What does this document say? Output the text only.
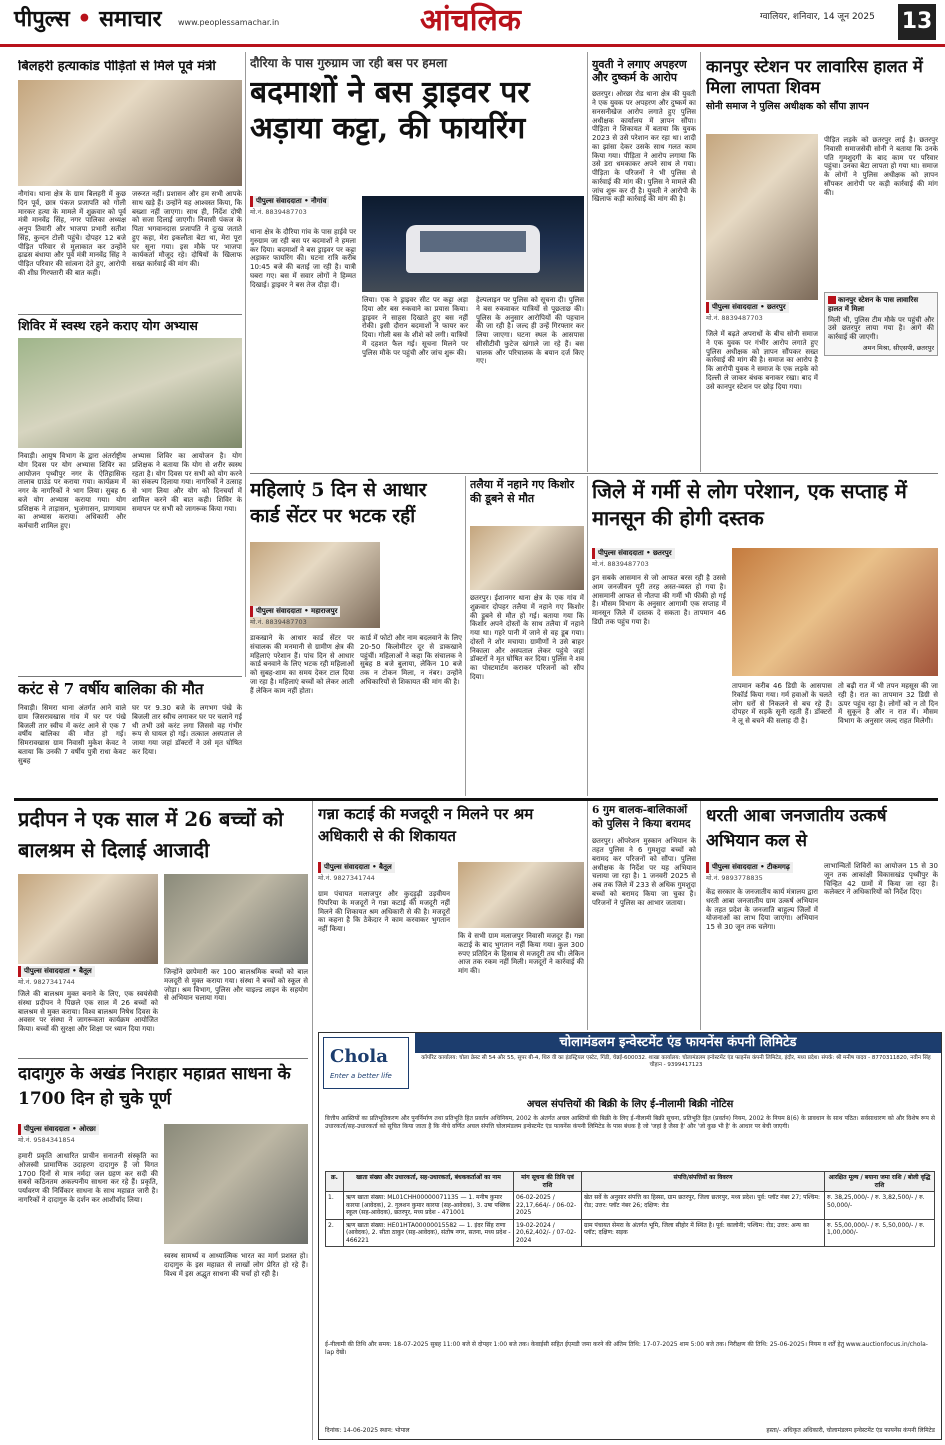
पीपुल्स • समाचार www.peoplessamachar.in	आंचलिक	ग्वालियर, शनिवार, 14 जून 2025 13
बिलहरी हत्याकांड पीड़ितों से मिले पूर्व मंत्री
नौगांव। थाना क्षेत्र के ग्राम बिलहरी में कुछ दिन पूर्व, छात्र पंकज प्रजापति को गोली मारकर हत्या के मामले में शुक्रवार को पूर्व मंत्री मानवेंद्र सिंह, नगर पालिका अध्यक्ष अनूप तिवारी और भाजपा प्रभारी सतीश सिंह, कुन्दन टोली पहुंचे। दोपहर 12 बजे पीड़ित परिवार से मुलाकात कर उन्होंने ढ़ाढस बंधाया और पूर्व मंत्री मानवेंद्र सिंह ने पीड़ित परिवार की सांत्वना देते हुए, आरोपी की शीघ्र गिरफ्तारी की बात कही।
जरूरत नहीं। प्रशासन और हम सभी आपके साथ खड़े हैं। उन्होंने यह आश्वस्त किया, कि बख्शा नहीं जाएगा। साथ ही, निर्देश दोषी को सजा दिलाई जाएगी। निवासी पंकज के पिता भगवानदास प्रजापति ने दुःख जताते हुए कहा, मेरा इकलौता बेटा था, मेरा पूरा घर सूना गया। इस मौके पर भाजपा कार्यकर्ता मौजूद रहे। दोषियों के खिलाफ सख्त कार्रवाई की मांग की।
शिविर में स्वस्थ रहने कराए योग अभ्यास
निवाड़ी। आयुष विभाग के द्वारा अंतर्राष्ट्रीय योग दिवस पर योग अभ्यास शिविर का आयोजन पृथ्वीपुर नगर के ऐतिहासिक तालाब ग्राउंड पर कराया गया। कार्यक्रम में नगर के नागरिकों ने भाग लिया। सुबह 6 बजे योग अभ्यास कराया गया। योग प्रशिक्षक ने ताड़ासन, भुजंगासन, प्राणायाम का अभ्यास कराया। अधिकारी और कर्मचारी शामिल हुए।
अभ्यास शिविर का आयोजन है। योग प्रशिक्षक ने बताया कि योग से शरीर स्वस्थ रहता है। योग दिवस पर सभी को योग करने का संकल्प दिलाया गया। नागरिकों ने उत्साह से भाग लिया और योग को दिनचर्या में शामिल करने की बात कही। शिविर के समापन पर सभी को जागरूक किया गया।
करंट से 7 वर्षीय बालिका की मौत
निवाड़ी। सिमरा थाना अंतर्गत आने वाले ग्राम जिसरावखास गांव में घर पर पंखे बिजली तार स्वीच में करंट आने से एक 7 वर्षीय बालिका की मौत हो गई। सिमरावखास ग्राम निवासी मुकेश केवट ने बताया कि उनकी 7 वर्षीय पुत्री राधा केवट सुबह
घर पर 9.30 बजे के लगभग पंखे के बिजली तार स्वीच लगाकर घर पर चलाने गई थी तभी उसे करंट लगा जिससे वह गंभीर रूप से घायल हो गई। तत्काल अस्पताल ले जाया गया जहां डॉक्टरों ने उसे मृत घोषित कर दिया।
दौरिया के पास गुरुग्राम जा रही बस पर हमला
बदमाशों ने बस ड्राइवर पर अड़ाया कट्टा, की फायरिंग
पीपुल्स संवाददाता • नौगांव
मो.नं. 8839487703
थाना क्षेत्र के दौरिया गांव के पास हाईवे पर गुरुग्राम जा रही बस पर बदमाशों ने हमला कर दिया। बदमाशों ने बस ड्राइवर पर कट्टा अड़ाकर फायरिंग की। घटना रात्रि करीब 10:45 बजे की बताई जा रही है। यात्री घबरा गए। बस में सवार लोगों ने हिम्मत दिखाई। ड्राइवर ने बस तेज दौड़ा दी।
लिया। एक ने ड्राइवर सीट पर कट्टा अड़ा दिया और बस रुकवाने का प्रयास किया। ड्राइवर ने साहस दिखाते हुए बस नहीं रोकी। इसी दौरान बदमाशों ने फायर कर दिया। गोली बस के शीशे को लगी। यात्रियों में दहशत फैल गई। सूचना मिलने पर पुलिस मौके पर पहुंची और जांच शुरू की।
हेल्पलाइन पर पुलिस को सूचना दी। पुलिस ने बस रुकवाकर यात्रियों से पूछताछ की। पुलिस के अनुसार आरोपियों की पहचान की जा रही है। जल्द ही उन्हें गिरफ्तार कर लिया जाएगा। घटना स्थल के आसपास सीसीटीवी फुटेज खंगाले जा रहे हैं। बस चालक और परिचालक के बयान दर्ज किए गए।
युवती ने लगाए अपहरण और दुष्कर्म के आरोप
छतरपुर। ओरछा रोड थाना क्षेत्र की युवती ने एक युवक पर अपहरण और दुष्कर्म का सनसनीखेज आरोप लगाते हुए पुलिस अधीक्षक कार्यालय में ज्ञापन सौंपा। पीड़िता ने शिकायत में बताया कि युवक 2023 से उसे परेशान कर रहा था। शादी का झांसा देकर उसके साथ गलत काम किया गया। पीड़िता ने आरोप लगाया कि उसे डरा धमकाकर अपने साथ ले गया। पीड़िता के परिजनों ने भी पुलिस से कार्रवाई की मांग की। पुलिस ने मामले की जांच शुरू कर दी है। युवती ने आरोपी के खिलाफ कड़ी कार्रवाई की मांग की है।
कानपुर स्टेशन पर लावारिस हालत में मिला लापता शिवम
सोनी समाज ने पुलिस अधीक्षक को सौंपा ज्ञापन
पीपुल्स संवाददाता • छतरपुर
मो.नं. 8839487703
जिले में बढ़ते अपराधों के बीच सोनी समाज ने एक युवक पर गंभीर आरोप लगाते हुए पुलिस अधीक्षक को ज्ञापन सौंपकर सख्त कार्रवाई की मांग की है। समाज का आरोप है कि आरोपी युवक ने समाज के एक लड़के को दिल्ली ले जाकर बंधक बनाकर रखा। बाद में उसे कानपुर स्टेशन पर छोड़ दिया गया।
पीड़ित लड़के को छतरपुर लाई है। छतरपुर निवासी समाजसेवी सोनी ने बताया कि उनके पति गुमशुदगी के बाद काम पर परिवार पहुंचा। उनका बेटा लापता हो गया था। समाज के लोगों ने पुलिस अधीक्षक को ज्ञापन सौंपकर आरोपी पर कड़ी कार्रवाई की मांग की।
कानपुर स्टेशन के पास लावारिस हालत में मिला
मिली थी, पुलिस टीम मौके पर पहुंची और उसे छतरपुर लाया गया है। आगे की कार्रवाई की जाएगी।
अमन मिश्रा, सीएसपी, छतरपुर
महिलाएं 5 दिन से आधार कार्ड सेंटर पर भटक रहीं
पीपुल्स संवाददाता • महाराजपुर
मो.नं. 8839487703
डाकखाने के आधार कार्ड सेंटर पर संचालक की मनमानी से ग्रामीण क्षेत्र की महिलाएं परेशान हैं। पांच दिन से आधार कार्ड बनवाने के लिए भटक रही महिलाओं को सुबह-शाम का समय देकर टाल दिया जा रहा है। महिलाएं बच्चों को लेकर आती हैं लेकिन काम नहीं होता।
कार्ड में फोटो और नाम बदलवाने के लिए 20-50 किलोमीटर दूर से डाकखाने पहुंचीं। महिलाओं ने कहा कि संचालक ने सुबह 8 बजे बुलाया, लेकिन 10 बजे तक न टोकन मिला, न नंबर। उन्होंने अधिकारियों से शिकायत की मांग की है।
तलैया में नहाने गए किशोर की डूबने से मौत
छतरपुर। ईशानगर थाना क्षेत्र के एक गांव में शुक्रवार दोपहर तलैया में नहाने गए किशोर की डूबने से मौत हो गई। बताया गया कि किशोर अपने दोस्तों के साथ तलैया में नहाने गया था। गहरे पानी में जाने से वह डूब गया। दोस्तों ने शोर मचाया। ग्रामीणों ने उसे बाहर निकाला और अस्पताल लेकर पहुंचे जहां डॉक्टरों ने मृत घोषित कर दिया। पुलिस ने शव का पोस्टमार्टम कराकर परिजनों को सौंप दिया।
जिले में गर्मी से लोग परेशान, एक सप्ताह में मानसून की होगी दस्तक
पीपुल्स संवाददाता • छतरपुर
मो.नं. 8839487703
इन सबके आसमान से जो आफत बरस रही है उससे आम जनजीवन पूरी तरह अस्त-व्यस्त हो गया है। आसमानी आफत से नौतपा की गर्मी भी फीकी हो गई है। मौसम विभाग के अनुसार आगामी एक सप्ताह में मानसून जिले में दस्तक दे सकता है। तापमान 46 डिग्री तक पहुंच गया है।
तापमान करीब 46 डिग्री के आसपास रिकॉर्ड किया गया। गर्म हवाओं के चलते लोग घरों से निकलने से बच रहे हैं। दोपहर में सड़कें सूनी रहती हैं। डॉक्टरों ने लू से बचने की सलाह दी है।
तो बढ़ी रात में भी तपन महसूस की जा रही है। रात का तापमान 32 डिग्री से ऊपर पहुंच रहा है। लोगों को न तो दिन में सुकून है और न रात में। मौसम विभाग के अनुसार जल्द राहत मिलेगी।
प्रदीपन ने एक साल में 26 बच्चों को बालश्रम से दिलाई आजादी
पीपुल्स संवाददाता • बैतूल
मो.नं. 9827341744
जिले की बालश्रम मुक्त बनाने के लिए, एक स्वयंसेवी संस्था प्रदीपन ने पिछले एक साल में 26 बच्चों को बालश्रम से मुक्त कराया। विश्व बालश्रम निषेध दिवस के अवसर पर संस्था ने जागरूकता कार्यक्रम आयोजित किया। बच्चों की सुरक्षा और शिक्षा पर ध्यान दिया गया।
जिन्होंने छापेमारी कर 100 बालश्रमिक बच्चों को बाल मजदूरी से मुक्त कराया गया। संस्था ने बच्चों को स्कूल से जोड़ा। श्रम विभाग, पुलिस और चाइल्ड लाइन के सहयोग से अभियान चलाया गया।
गन्ना कटाई की मजदूरी न मिलने पर श्रम अधिकारी से की शिकायत
पीपुल्स संवाददाता • बैतूल
मो.नं. 9827341744
ग्राम पंचायत मलाजपुर और कुदड़ुढ़ी उड़वीयन पिपरिया के मजदूरों ने गन्ना कटाई की मजदूरी नहीं मिलने की शिकायत श्रम अधिकारी से की है। मजदूरों का कहना है कि ठेकेदार ने काम करवाकर भुगतान नहीं किया।
कि वे सभी ग्राम मलाजपुर निवासी मजदूर हैं। गन्ना कटाई के बाद भुगतान नहीं किया गया। कुल 300 रुपए प्रतिदिन के हिसाब से मजदूरी तय थी। लेकिन आज तक रकम नहीं मिली। मजदूरों ने कार्रवाई की मांग की।
6 गुम बालक-बालिकाओं को पुलिस ने किया बरामद
छतरपुर। ऑपरेशन मुस्कान अभियान के तहत पुलिस ने 6 गुमशुदा बच्चों को बरामद कर परिजनों को सौंपा। पुलिस अधीक्षक के निर्देश पर यह अभियान चलाया जा रहा है। 1 जनवरी 2025 से अब तक जिले में 233 से अधिक गुमशुदा बच्चों को बरामद किया जा चुका है। परिजनों ने पुलिस का आभार जताया।
धरती आबा जनजातीय उत्कर्ष अभियान कल से
पीपुल्स संवाददाता • टीकमगढ़
मो.नं. 9893778835
केंद्र सरकार के जनजातीय कार्य मंत्रालय द्वारा धरती आबा जनजातीय ग्राम उत्कर्ष अभियान के तहत प्रदेश के जनजाति बाहुल्य जिलों में योजनाओं का लाभ दिया जाएगा। अभियान 15 से 30 जून तक चलेगा।
लाभान्वितों शिविरों का आयोजन 15 से 30 जून तक आकांक्षी विकासखंड पृथ्वीपुर के चिन्हित 42 ग्रामों में किया जा रहा है। कलेक्टर ने अधिकारियों को निर्देश दिए।
दादागुरु के अखंड निराहार महाव्रत साधना के 1700 दिन हो चुके पूर्ण
पीपुल्स संवाददाता • ओरछा
मो.नं. 9584341854
हमारी प्रकृति आधारित प्राचीन सनातनी संस्कृति का ओजस्वी प्रामाणिक उदाहरण दादागुरु हैं जो विगत 1700 दिनों से मात्र नर्मदा जल ग्रहण कर सदी की सबसे कठिनतम अकल्पनीय साधना कर रहे हैं। प्रकृति, पर्यावरण की निर्विकार साधना के साथ महाव्रत जारी है। नागरिकों ने दादागुरु के दर्शन कर आशीर्वाद लिया।
स्वस्थ सामर्थ्य व आध्यात्मिक भारत का मार्ग प्रशस्त हो। दादागुरु के इस महाव्रत से लाखों लोग प्रेरित हो रहे हैं। विश्व में इस अद्भुत साधना की चर्चा हो रही है।
Chola
Enter a better life
चोलामंडलम इन्वेस्टमेंट एंड फायनेंस कंपनी लिमिटेड
कॉर्पोरेट कार्यालय: चोला क्रेस्ट सी 54 और 55, सुपर बी-4, थिरु वी का इंडस्ट्रियल एस्टेट, गिंडी, चेन्नई-600032. शाखा कार्यालय: चोलामंडलम इन्वेस्टमेंट एंड फाइनेंस कंपनी लिमिटेड, इंदौर, मध्य प्रदेश। संपर्क: श्री मनीष यादव - 8770311820, नवीन सिंह चौहान - 9399417123
अचल संपत्तियों की बिक्री के लिए ई-नीलामी बिक्री नोटिस
वित्तीय आस्तियों का प्रतिभूतिकरण और पुनर्निर्माण तथा प्रतिभूति हित प्रवर्तन अधिनियम, 2002 के अंतर्गत अचल आस्तियों की बिक्री के लिए ई-नीलामी बिक्री सूचना, प्रतिभूति हित (प्रवर्तन) नियम, 2002 के नियम 8(6) के प्रावधान के साथ पठित। सर्वसाधारण को और विशेष रूप से उधारकर्ता/सह-उधारकर्ता को सूचित किया जाता है कि नीचे वर्णित अचल संपत्ति चोलामंडलम इन्वेस्टमेंट एंड फायनेंस कंपनी लिमिटेड के पास बंधक है जो 'जहां है जैसा है' और 'जो कुछ भी है' के आधार पर बेची जाएगी।
क्र.	खाता संख्या और उधारकर्ता, सह-उधारकर्ता, बंधककर्ताओं का नाम	मांग सूचना की तिथि एवं राशि	संपत्ति/संपत्तियों का विवरण	आरक्षित मूल्य / बयाना जमा राशि / बोली वृद्धि राशि
1.	ऋण खाता संख्या: ML01CHH00000071135 — 1. मनीष कुमार कारया (आवेदक), 2. गुलशन कुमार कारया (सह-आवेदक), 3. उषा पब्लिक स्कूल (सह-आवेदक), छतरपुर, मध्य प्रदेश - 471001	06-02-2025 / 22,17,664/- / 06-02-2025	खेत सर्वे के अनुसार संपत्ति का हिस्सा, ग्राम छतरपुर, जिला छतरपुर, मध्य प्रदेश। पूर्व: प्लॉट नंबर 27; पश्चिम: रोड; उत्तर: प्लॉट नंबर 26; दक्षिण: रोड	रु. 38,25,000/- / रु. 3,82,500/- / रु. 50,000/-
2.	ऋण खाता संख्या: HE01HTA00000015582 — 1. इंदर सिंह राणा (आवेदक), 2. सीता ठाकुर (सह-आवेदक), संतोष नगर, सतना, मध्य प्रदेश - 466221	19-02-2024 / 20,62,402/- / 07-02-2024	ग्राम पंचायत सेमरा के अंतर्गत भूमि, जिला सीहोर में स्थित है। पूर्व: कालोनी; पश्चिम: रोड; उत्तर: अन्य का प्लॉट; दक्षिण: सड़क	रु. 55,00,000/- / रु. 5,50,000/- / रु. 1,00,000/-
ई-नीलामी की तिथि और समय: 18-07-2025 सुबह 11:00 बजे से दोपहर 1:00 बजे तक। केवाईसी सहित ईएमडी जमा करने की अंतिम तिथि: 17-07-2025 शाम 5:00 बजे तक। निरीक्षण की तिथि: 25-06-2025। नियम व शर्तें हेतु www.auctionfocus.in/chola-lap देखें।
दिनांक: 14-06-2025 स्थान: भोपाल	हस्ता/- अधिकृत अधिकारी, चोलामंडलम इन्वेस्टमेंट एंड फायनेंस कंपनी लिमिटेड
